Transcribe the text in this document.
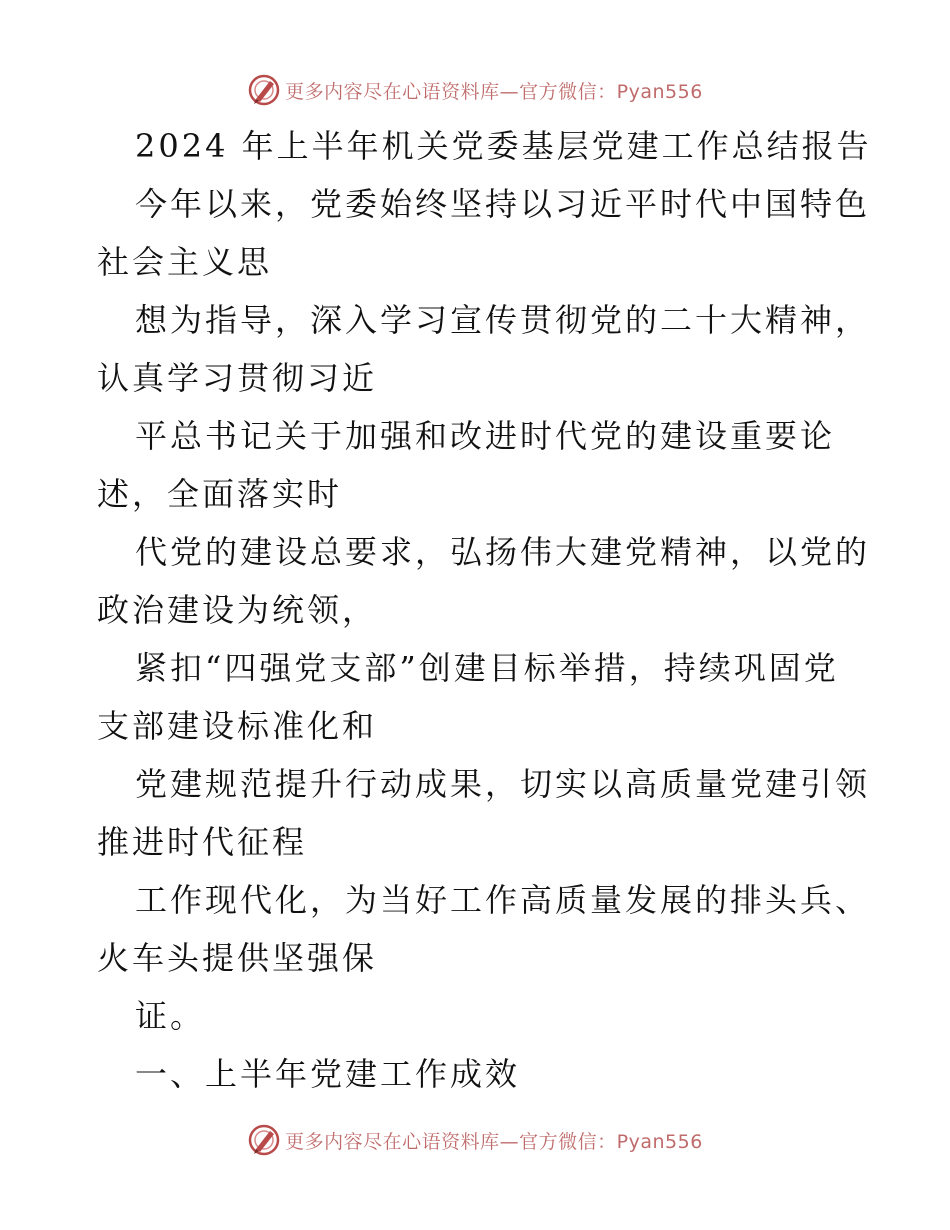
更多内容尽在心语资料库—官方微信：Pyan556
2024 年上半年机关党委基层党建工作总结报告
今年以来，党委始终坚持以习近平时代中国特色
社会主义思
想为指导，深入学习宣传贯彻党的二十大精神，
认真学习贯彻习近
平总书记关于加强和改进时代党的建设重要论
述，全面落实时
代党的建设总要求，弘扬伟大建党精神，以党的
政治建设为统领，
紧扣“四强党支部”创建目标举措，持续巩固党
支部建设标准化和
党建规范提升行动成果，切实以高质量党建引领
推进时代征程
工作现代化，为当好工作高质量发展的排头兵、
火车头提供坚强保
证。
一、上半年党建工作成效
更多内容尽在心语资料库—官方微信：Pyan556
